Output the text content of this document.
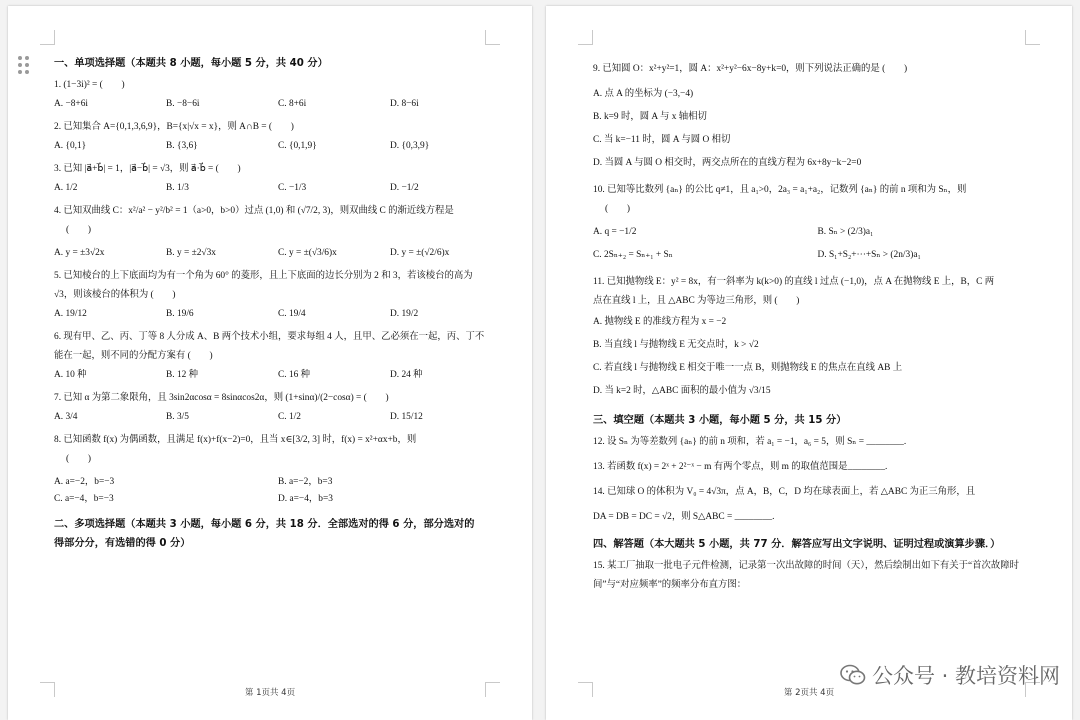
一、单项选择题（本题共 8 小题，每小题 5 分，共 40 分）
1. (1−3i)² = (　　)
A. −8+6i	B. −8−6i	C. 8+6i	D. 8−6i
2. 已知集合 A={0,1,3,6,9}，B={x|√x = x}，则 A∩B = (　　)
A. {0,1}	B. {3,6}	C. {0,1,9}	D. {0,3,9}
3. 已知 |a⃗+b⃗| = 1，|a⃗−b⃗| = √3，则 a⃗·b⃗ = (　　)
A. 1/2	B. 1/3	C. −1/3	D. −1/2
4. 已知双曲线 C：x²/a² − y²/b² = 1（a>0，b>0）过点 (1,0) 和 (√7/2, 3)，则双曲线 C 的渐近线方程是
(　　)
A. y = ±3√2x	B. y = ±2√3x	C. y = ±(√3/6)x	D. y = ±(√2/6)x
5. 已知棱台的上下底面均为有一个角为 60° 的菱形，且上下底面的边长分别为 2 和 3，若该棱台的高为
√3，则该棱台的体积为 (　　)
A. 19/12	B. 19/6	C. 19/4	D. 19/2
6. 现有甲、乙、丙、丁等 8 人分成 A、B 两个技术小组，要求每组 4 人，且甲、乙必须在一起，丙、丁不
能在一起，则不同的分配方案有 (　　)
A. 10 种	B. 12 种	C. 16 种	D. 24 种
7. 已知 α 为第二象限角，且 3sin2αcosα = 8sinαcos2α，则 (1+sinα)/(2−cosα) = (　　)
A. 3/4	B. 3/5	C. 1/2	D. 15/12
8. 已知函数 f(x) 为偶函数，且满足 f(x)+f(x−2)=0，且当 x∈[3/2, 3] 时，f(x) = x²+αx+b，则
(　　)
A. a=−2，b=−3	B. a=−2，b=3
C. a=−4，b=−3	D. a=−4，b=3
二、多项选择题（本题共 3 小题，每小题 6 分，共 18 分．全部选对的得 6 分，部分选对的
得部分分，有选错的得 0 分）
第 1页共 4页
9. 已知圆 O：x²+y²=1，圆 A：x²+y²−6x−8y+k=0，则下列说法正确的是 (　　)
A. 点 A 的坐标为 (−3,−4)
B. k=9 时，圆 A 与 x 轴相切
C. 当 k=−11 时，圆 A 与圆 O 相切
D. 当圆 A 与圆 O 相交时，两交点所在的直线方程为 6x+8y−k−2=0
10. 已知等比数列 {aₙ} 的公比 q≠1，且 a₁>0，2a₃ = a₁+a₂，记数列 {aₙ} 的前 n 项和为 Sₙ，则
(　　)
A. q = −1/2	B. Sₙ > (2/3)a₁
C. 2Sₙ₊₂ = Sₙ₊₁ + Sₙ	D. S₁+S₂+⋯+Sₙ > (2n/3)a₁
11. 已知抛物线 E：y² = 8x，有一斜率为 k(k>0) 的直线 l 过点 (−1,0)，点 A 在抛物线 E 上，B，C 两
点在直线 l 上，且 △ABC 为等边三角形，则 (　　)
A. 抛物线 E 的准线方程为 x = −2
B. 当直线 l 与抛物线 E 无交点时，k > √2
C. 若直线 l 与抛物线 E 相交于唯一一点 B，则抛物线 E 的焦点在直线 AB 上
D. 当 k=2 时，△ABC 面积的最小值为 √3/15
三、填空题（本题共 3 小题，每小题 5 分，共 15 分）
12. 设 Sₙ 为等差数列 {aₙ} 的前 n 项和，若 a₁ = −1，a₆ = 5，则 Sₙ = ________.
13. 若函数 f(x) = 2ˣ + 2²⁻ˣ − m 有两个零点，则 m 的取值范围是________.
14. 已知球 O 的体积为 V₀ = 4√3π，点 A，B，C，D 均在球表面上，若 △ABC 为正三角形，且
DA = DB = DC = √2，则 S△ABC = ________.
四、解答题（本大题共 5 小题，共 77 分．解答应写出文字说明、证明过程或演算步骤．）
15. 某工厂抽取一批电子元件检测，记录第一次出故障的时间（天），然后绘制出如下有关于“首次故障时
间”与“对应频率”的频率分布直方图：
第 2页共 4页
公众号 · 教培资料网
